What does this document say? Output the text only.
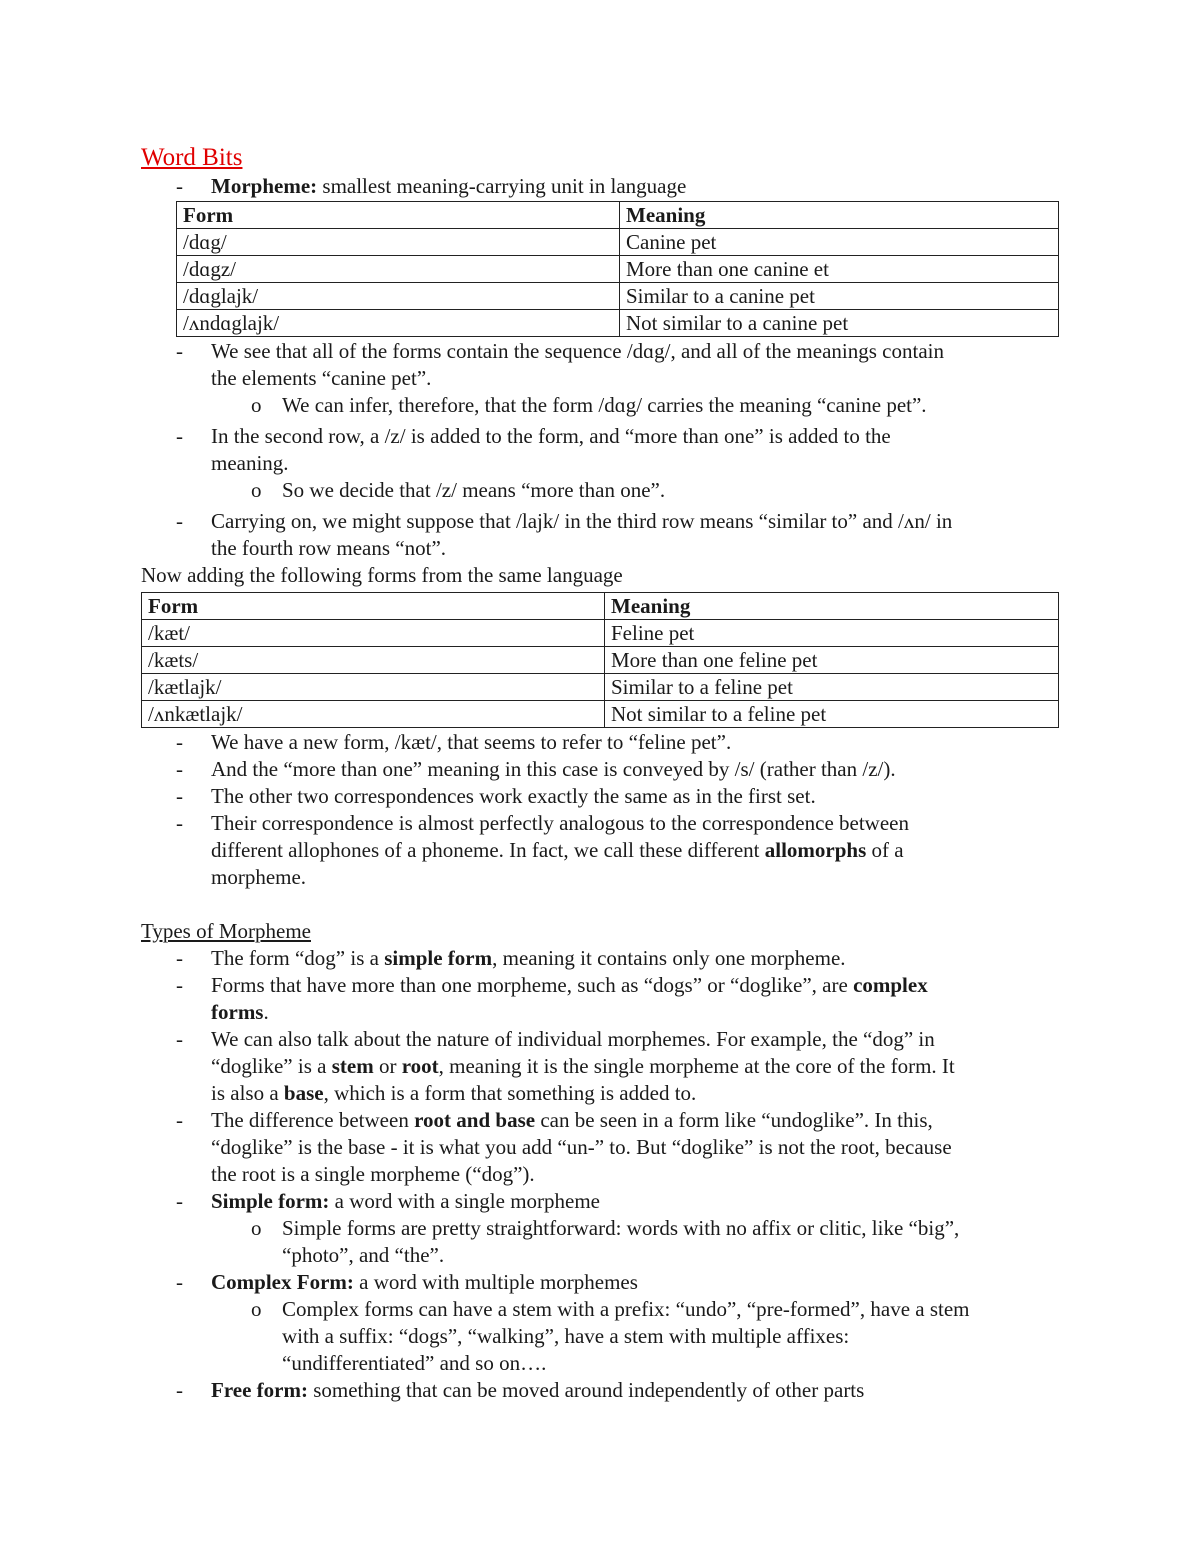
Word Bits
- Morpheme: smallest meaning-carrying unit in language
Form	Meaning
/dɑg/	Canine pet
/dɑgz/	More than one canine et
/dɑglajk/	Similar to a canine pet
/ʌndɑglajk/	Not similar to a canine pet
- We see that all of the forms contain the sequence /dɑg/, and all of the meanings contain
the elements “canine pet”.
o We can infer, therefore, that the form /dɑg/ carries the meaning “canine pet”.
- In the second row, a /z/ is added to the form, and “more than one” is added to the
meaning.
o So we decide that /z/ means “more than one”.
- Carrying on, we might suppose that /lajk/ in the third row means “similar to” and /ʌn/ in
the fourth row means “not”.
Now adding the following forms from the same language
Form	Meaning
/kæt/	Feline pet
/kæts/	More than one feline pet
/kætlajk/	Similar to a feline pet
/ʌnkætlajk/	Not similar to a feline pet
- We have a new form, /kæt/, that seems to refer to “feline pet”.
- And the “more than one” meaning in this case is conveyed by /s/ (rather than /z/).
- The other two correspondences work exactly the same as in the first set.
- Their correspondence is almost perfectly analogous to the correspondence between
different allophones of a phoneme. In fact, we call these different allomorphs of a
morpheme.
Types of Morpheme
- The form “dog” is a simple form, meaning it contains only one morpheme.
- Forms that have more than one morpheme, such as “dogs” or “doglike”, are complex
forms.
- We can also talk about the nature of individual morphemes. For example, the “dog” in
“doglike” is a stem or root, meaning it is the single morpheme at the core of the form. It
is also a base, which is a form that something is added to.
- The difference between root and base can be seen in a form like “undoglike”. In this,
“doglike” is the base - it is what you add “un-” to. But “doglike” is not the root, because
the root is a single morpheme (“dog”).
- Simple form: a word with a single morpheme
o Simple forms are pretty straightforward: words with no affix or clitic, like “big”,
“photo”, and “the”.
- Complex Form: a word with multiple morphemes
o Complex forms can have a stem with a prefix: “undo”, “pre-formed”, have a stem
with a suffix: “dogs”, “walking”, have a stem with multiple affixes:
“undifferentiated” and so on….
- Free form: something that can be moved around independently of other parts
